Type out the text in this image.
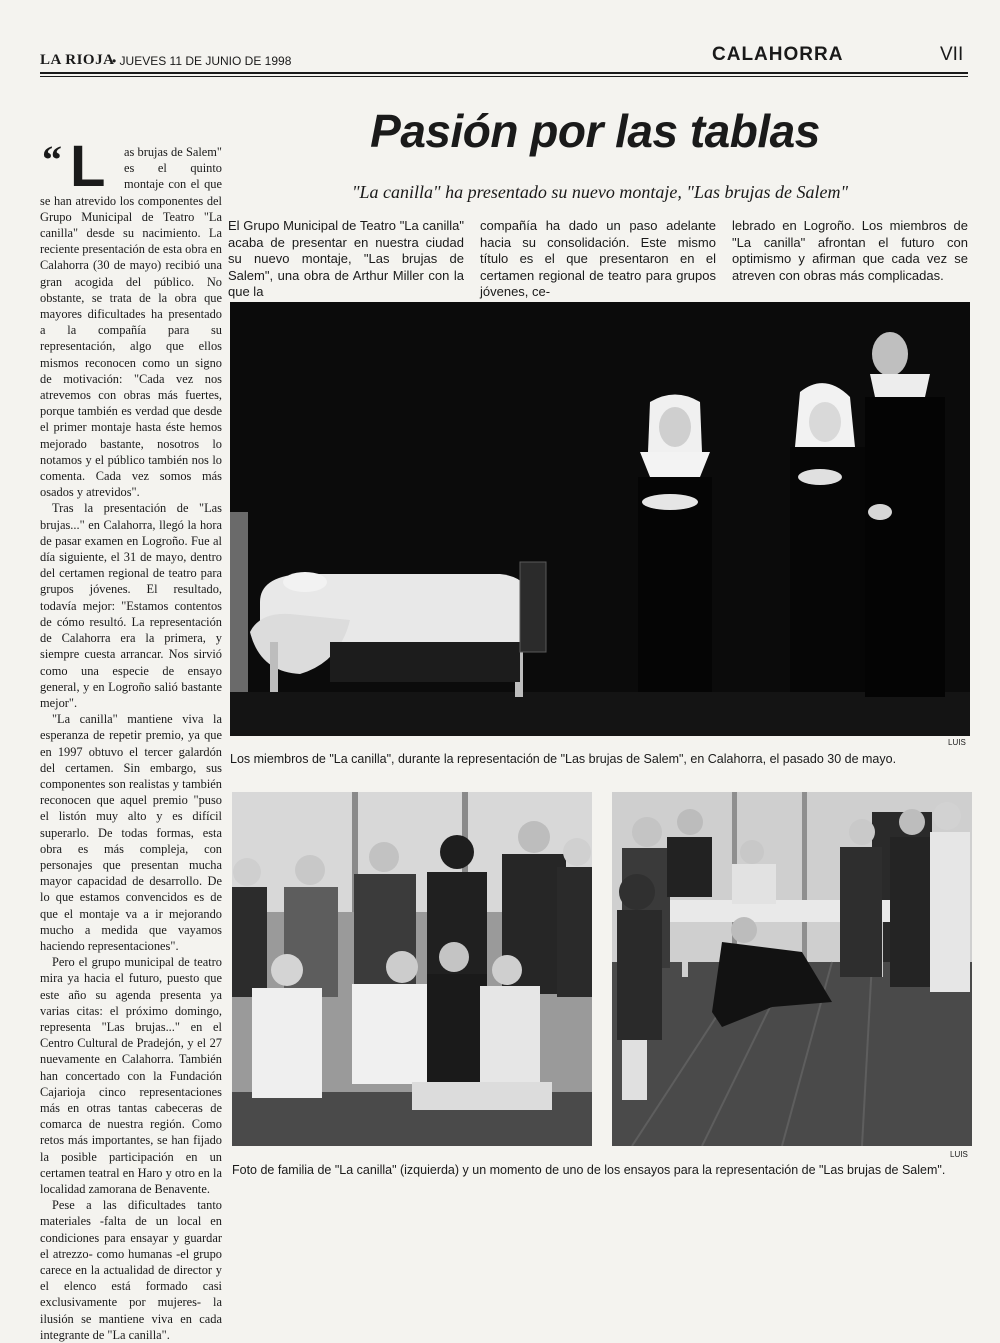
LA RIOJA
• JUEVES 11 DE JUNIO DE 1998	CALAHORRA	VII
Pasión por las tablas
"La canilla" ha presentado su nuevo montaje, "Las brujas de Salem"
“ L	as brujas de Salem" es el quinto montaje con el que se han atrevido los componentes del Grupo Municipal de Teatro "La canilla" desde su nacimiento. La reciente presentación de esta obra en Calahorra (30 de mayo) recibió una gran acogida del público. No obstante, se trata de la obra que mayores dificultades ha presentado a la compañía para su representación, algo que ellos mismos reconocen como un signo de motivación: "Cada vez nos atrevemos con obras más fuertes, porque también es verdad que desde el primer montaje hasta éste hemos mejorado bastante, nosotros lo notamos y el público también nos lo comenta. Cada vez somos más osados y atrevidos".

Tras la presentación de "Las brujas..." en Calahorra, llegó la hora de pasar examen en Logroño. Fue al día siguiente, el 31 de mayo, dentro del certamen regional de teatro para grupos jóvenes. El resultado, todavía mejor: "Estamos contentos de cómo resultó. La representación de Calahorra era la primera, y siempre cuesta arrancar. Nos sirvió como una especie de ensayo general, y en Logroño salió bastante mejor".

"La canilla" mantiene viva la esperanza de repetir premio, ya que en 1997 obtuvo el tercer galardón del certamen. Sin embargo, sus componentes son realistas y también reconocen que aquel premio "puso el listón muy alto y es difícil superarlo. De todas formas, esta obra es más compleja, con personajes que presentan mucha mayor capacidad de desarrollo. De lo que estamos convencidos es de que el montaje va a ir mejorando mucho a medida que vayamos haciendo representaciones".

Pero el grupo municipal de teatro mira ya hacia el futuro, puesto que este año su agenda presenta ya varias citas: el próximo domingo, representa "Las brujas..." en el Centro Cultural de Pradejón, y el 27 nuevamente en Calahorra. También han concertado con la Fundación Cajarioja cinco representaciones más en otras tantas cabeceras de comarca de nuestra región. Como retos más importantes, se han fijado la posible participación en un certamen teatral en Haro y otro en la localidad zamorana de Benavente.

Pese a las dificultades tanto materiales -falta de un local en condiciones para ensayar y guardar el atrezzo- como humanas -el grupo carece en la actualidad de director y el elenco está formado casi exclusivamente por mujeres- la ilusión se mantiene viva en cada integrante de "La canilla".

El Grupo Municipal de Teatro "La canilla" acaba de presentar en nuestra ciudad su nuevo montaje, "Las brujas de Salem", una obra de Arthur Miller con la que la

compañía ha dado un paso adelante hacia su consolidación. Este mismo título es el que presentaron en el certamen regional de teatro para grupos jóvenes, ce-

lebrado en Logroño. Los miembros de "La canilla" afrontan el futuro con optimismo y afirman que cada vez se atreven con obras más complicadas.

LUIS
Los miembros de "La canilla", durante la representación de "Las brujas de Salem", en Calahorra, el pasado 30 de mayo.
LUIS
Foto de familia de "La canilla" (izquierda) y un momento de uno de los ensayos para la representación de "Las brujas de Salem".
